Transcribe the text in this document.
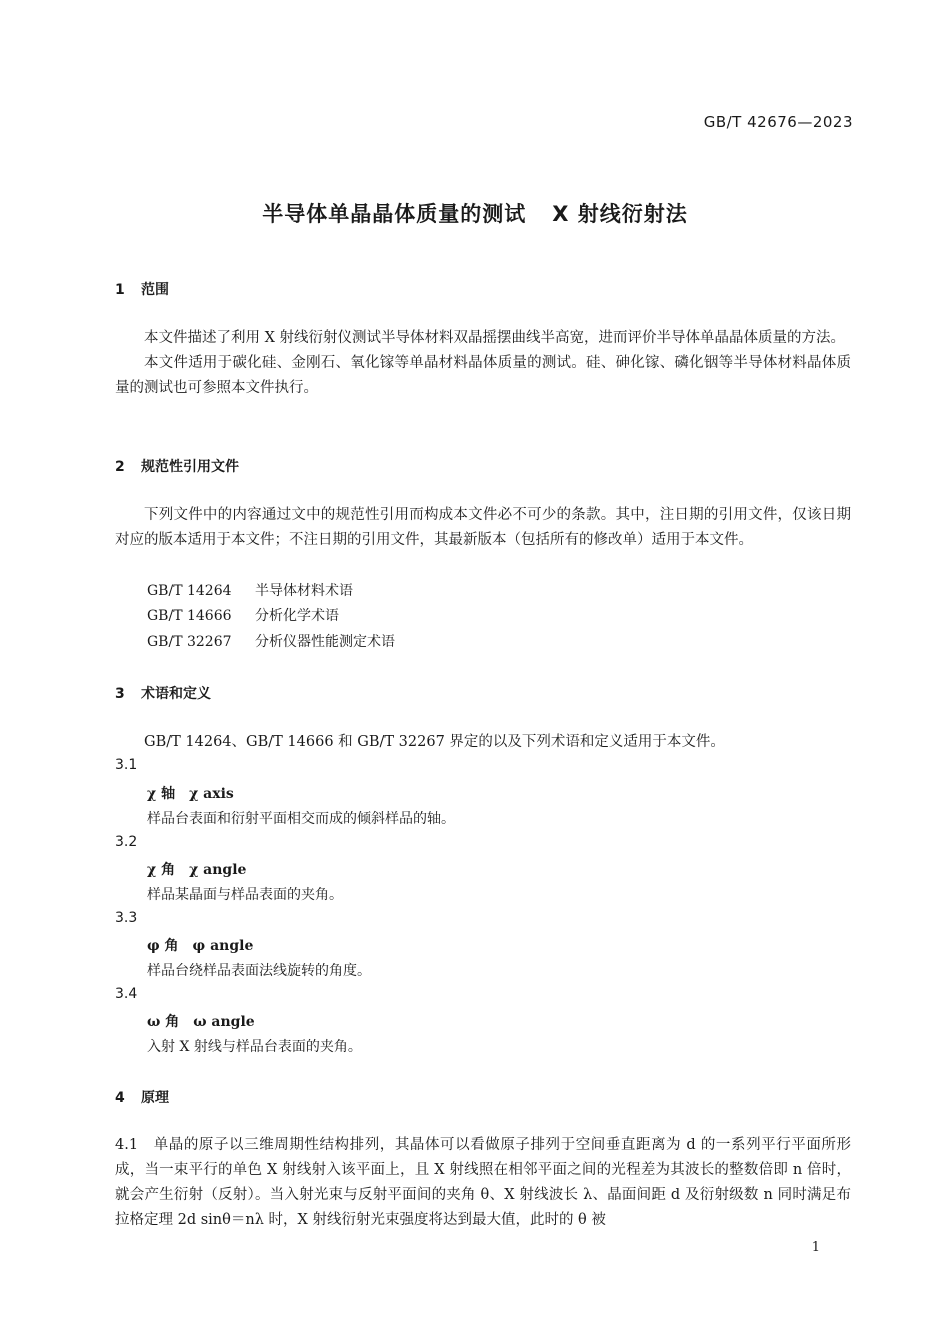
GB/T 42676—2023
半导体单晶晶体质量的测试 X 射线衍射法
1 范围

本文件描述了利用 X 射线衍射仪测试半导体材料双晶摇摆曲线半高宽，进而评价半导体单晶晶体质量的方法。

本文件适用于碳化硅、金刚石、氧化镓等单晶材料晶体质量的测试。硅、砷化镓、磷化铟等半导体材料晶体质量的测试也可参照本文件执行。

2 规范性引用文件

下列文件中的内容通过文中的规范性引用而构成本文件必不可少的条款。其中，注日期的引用文件，仅该日期对应的版本适用于本文件；不注日期的引用文件，其最新版本（包括所有的修改单）适用于本文件。

GB/T 14264 半导体材料术语
GB/T 14666 分析化学术语
GB/T 32267 分析仪器性能测定术语
3 术语和定义

GB/T 14264、GB/T 14666 和 GB/T 32267 界定的以及下列术语和定义适用于本文件。

3.1
χ 轴 χ axis
样品台表面和衍射平面相交而成的倾斜样品的轴。
3.2
χ 角 χ angle
样品某晶面与样品表面的夹角。
3.3
φ 角 φ angle
样品台绕样品表面法线旋转的角度。
3.4
ω 角 ω angle
入射 X 射线与样品台表面的夹角。
4 原理

4.1　单晶的原子以三维周期性结构排列，其晶体可以看做原子排列于空间垂直距离为 d 的一系列平行平面所形成，当一束平行的单色 X 射线射入该平面上，且 X 射线照在相邻平面之间的光程差为其波长的整数倍即 n 倍时，就会产生衍射（反射）。当入射光束与反射平面间的夹角 θ、X 射线波长 λ、晶面间距 d 及衍射级数 n 同时满足布拉格定理 2d sinθ＝nλ 时，X 射线衍射光束强度将达到最大值，此时的 θ 被

1
